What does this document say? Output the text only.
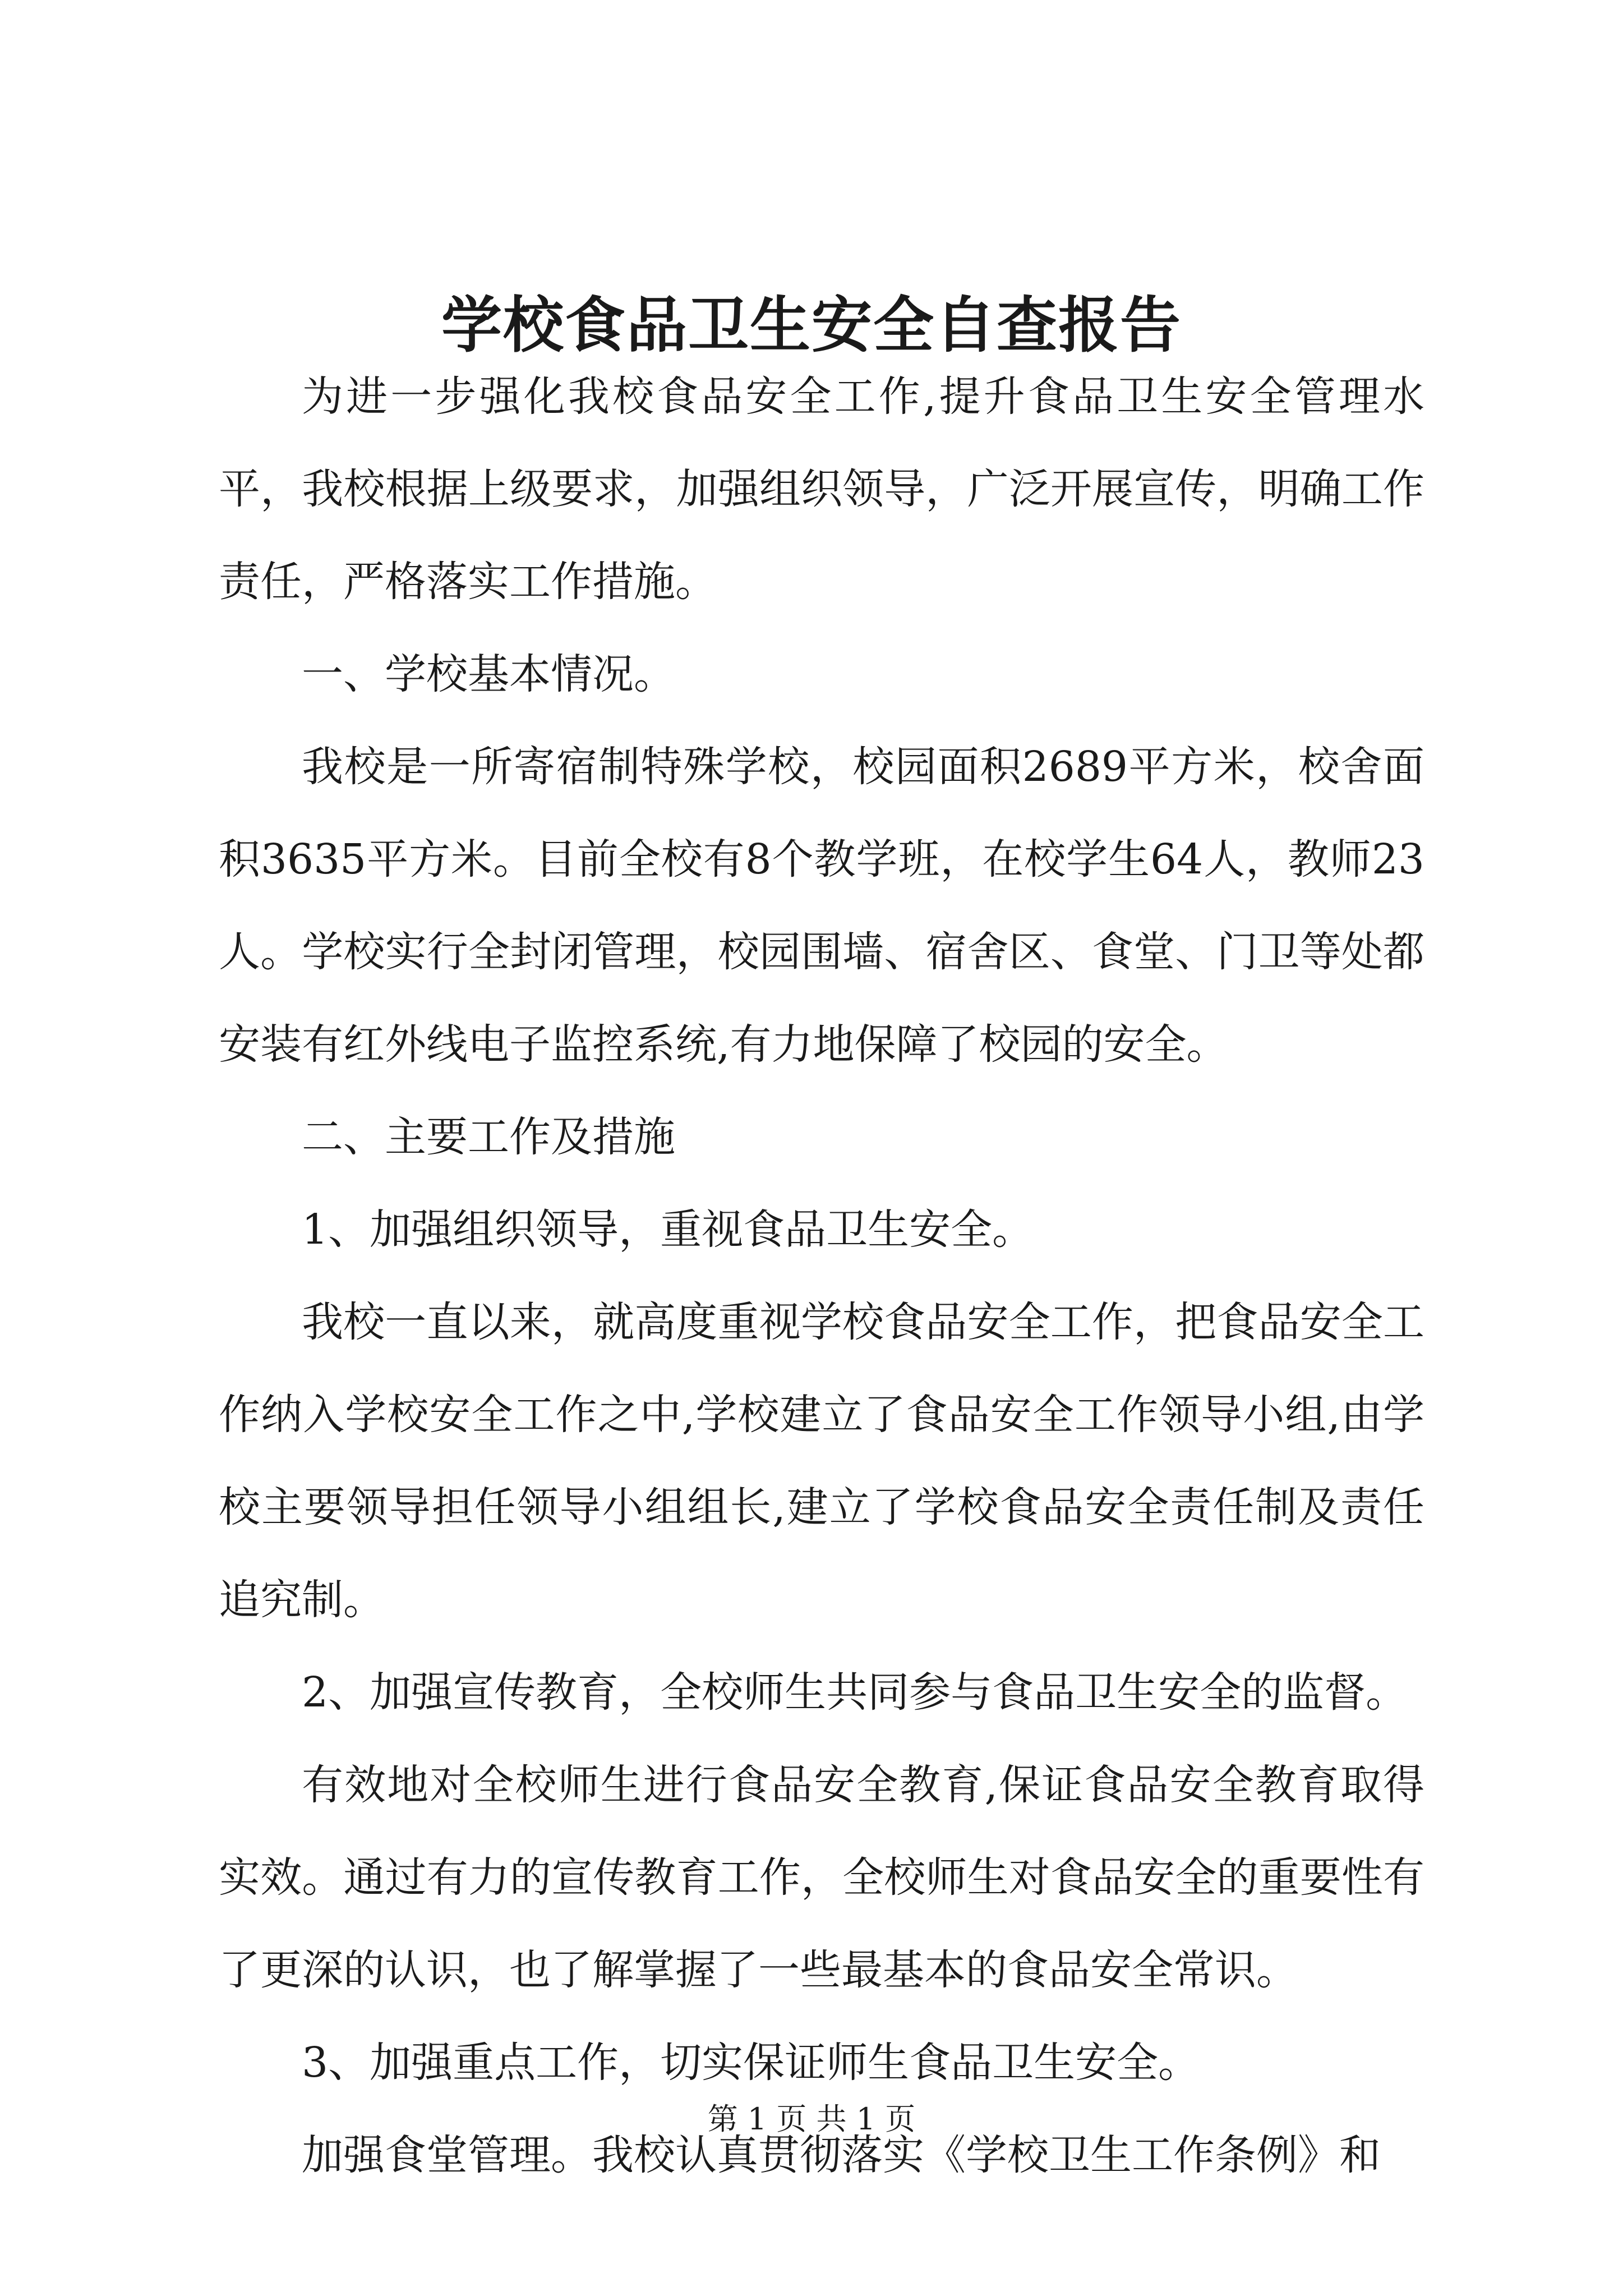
学校食品卫生安全自查报告

为进一步强化我校食品安全工作,提升食品卫生安全管理水平，我校根据上级要求，加强组织领导，广泛开展宣传，明确工作责任，严格落实工作措施。

一、学校基本情况。

我校是一所寄宿制特殊学校，校园面积2689平方米，校舍面积3635平方米。目前全校有8个教学班，在校学生64人，教师23人。学校实行全封闭管理，校园围墙、宿舍区、食堂、门卫等处都安装有红外线电子监控系统,有力地保障了校园的安全。

二、主要工作及措施

1、加强组织领导，重视食品卫生安全。

我校一直以来，就高度重视学校食品安全工作，把食品安全工作纳入学校安全工作之中,学校建立了食品安全工作领导小组,由学校主要领导担任领导小组组长,建立了学校食品安全责任制及责任追究制。

2、加强宣传教育，全校师生共同参与食品卫生安全的监督。

有效地对全校师生进行食品安全教育,保证食品安全教育取得实效。通过有力的宣传教育工作，全校师生对食品安全的重要性有了更深的认识，也了解掌握了一些最基本的食品安全常识。

3、加强重点工作，切实保证师生食品卫生安全。

加强食堂管理。我校认真贯彻落实《学校卫生工作条例》和

第 1 页 共 1 页
